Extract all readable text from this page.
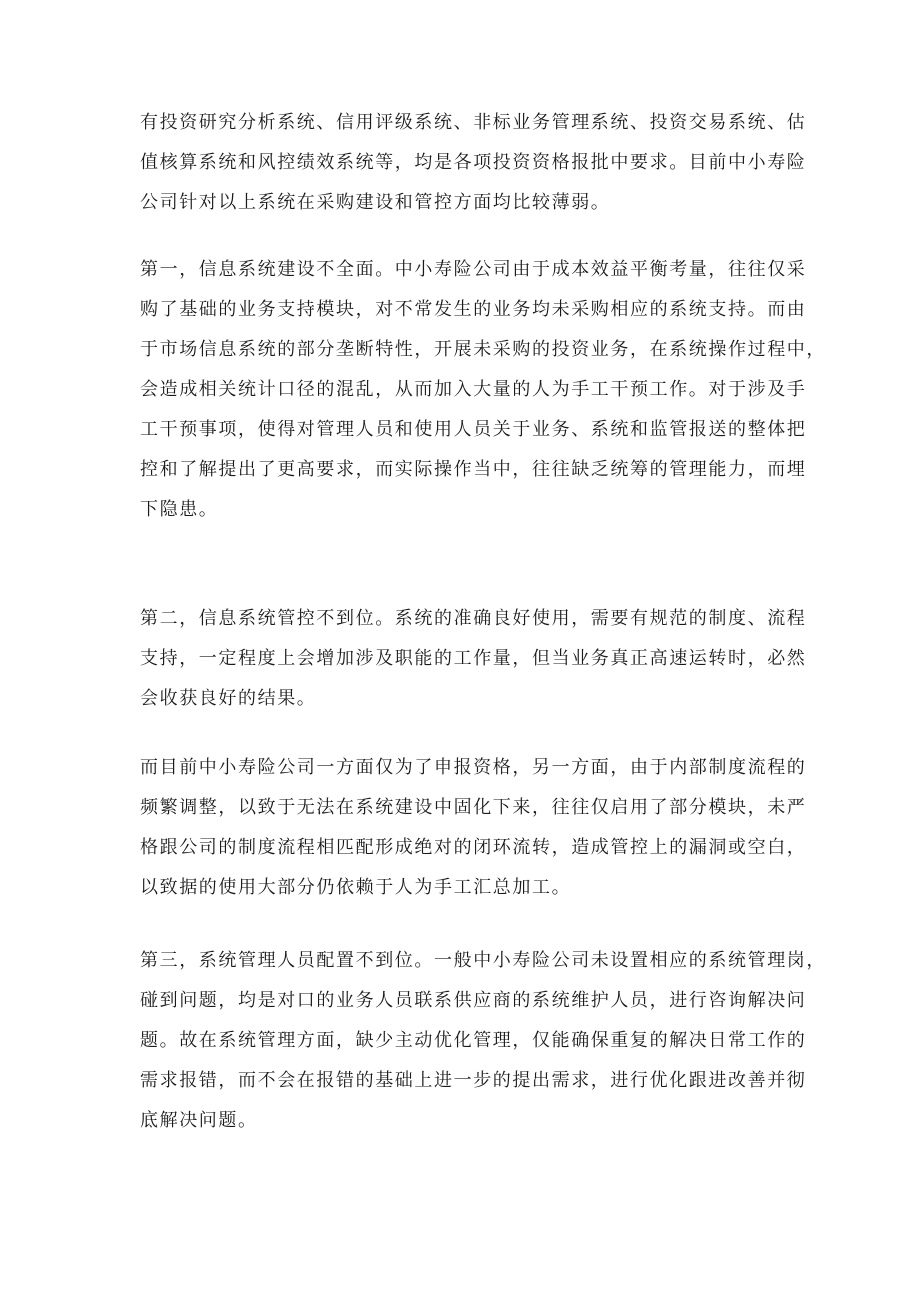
有投资研究分析系统、信用评级系统、非标业务管理系统、投资交易系统、估
值核算系统和风控绩效系统等，均是各项投资资格报批中要求。目前中小寿险
公司针对以上系统在采购建设和管控方面均比较薄弱。
第一，信息系统建设不全面。中小寿险公司由于成本效益平衡考量，往往仅采
购了基础的业务支持模块，对不常发生的业务均未采购相应的系统支持。而由
于市场信息系统的部分垄断特性，开展未采购的投资业务，在系统操作过程中，
会造成相关统计口径的混乱，从而加入大量的人为手工干预工作。对于涉及手
工干预事项，使得对管理人员和使用人员关于业务、系统和监管报送的整体把
控和了解提出了更高要求，而实际操作当中，往往缺乏统筹的管理能力，而埋
下隐患。
第二，信息系统管控不到位。系统的准确良好使用，需要有规范的制度、流程
支持，一定程度上会增加涉及职能的工作量，但当业务真正高速运转时，必然
会收获良好的结果。
而目前中小寿险公司一方面仅为了申报资格，另一方面，由于内部制度流程的
频繁调整，以致于无法在系统建设中固化下来，往往仅启用了部分模块，未严
格跟公司的制度流程相匹配形成绝对的闭环流转，造成管控上的漏洞或空白，
以致据的使用大部分仍依赖于人为手工汇总加工。
第三，系统管理人员配置不到位。一般中小寿险公司未设置相应的系统管理岗，
碰到问题，均是对口的业务人员联系供应商的系统维护人员，进行咨询解决问
题。故在系统管理方面，缺少主动优化管理，仅能确保重复的解决日常工作的
需求报错，而不会在报错的基础上进一步的提出需求，进行优化跟进改善并彻
底解决问题。
